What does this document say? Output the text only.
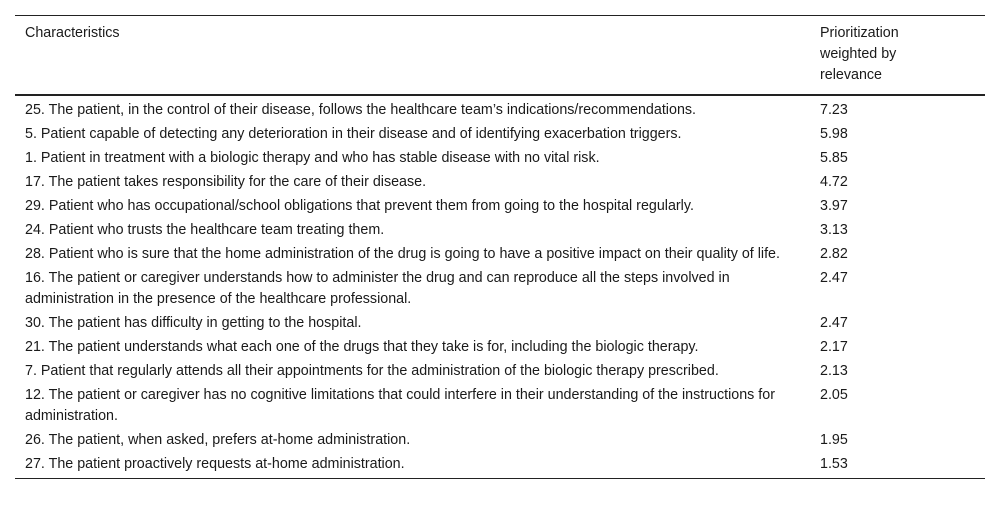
Characteristics	Prioritization weighted by relevance
25. The patient, in the control of their disease, follows the healthcare team’s indications/recommendations.	7.23
5. Patient capable of detecting any deterioration in their disease and of identifying exacerbation triggers.	5.98
1. Patient in treatment with a biologic therapy and who has stable disease with no vital risk.	5.85
17. The patient takes responsibility for the care of their disease.	4.72
29. Patient who has occupational/school obligations that prevent them from going to the hospital regularly.	3.97
24. Patient who trusts the healthcare team treating them.	3.13
28. Patient who is sure that the home administration of the drug is going to have a positive impact on their quality of life.	2.82
16. The patient or caregiver understands how to administer the drug and can reproduce all the steps involved in administration in the presence of the healthcare professional.	2.47
30. The patient has difficulty in getting to the hospital.	2.47
21. The patient understands what each one of the drugs that they take is for, including the biologic therapy.	2.17
7. Patient that regularly attends all their appointments for the administration of the biologic therapy prescribed.	2.13
12. The patient or caregiver has no cognitive limitations that could interfere in their understanding of the instructions for administration.	2.05
26. The patient, when asked, prefers at-home administration.	1.95
27. The patient proactively requests at-home administration.	1.53
